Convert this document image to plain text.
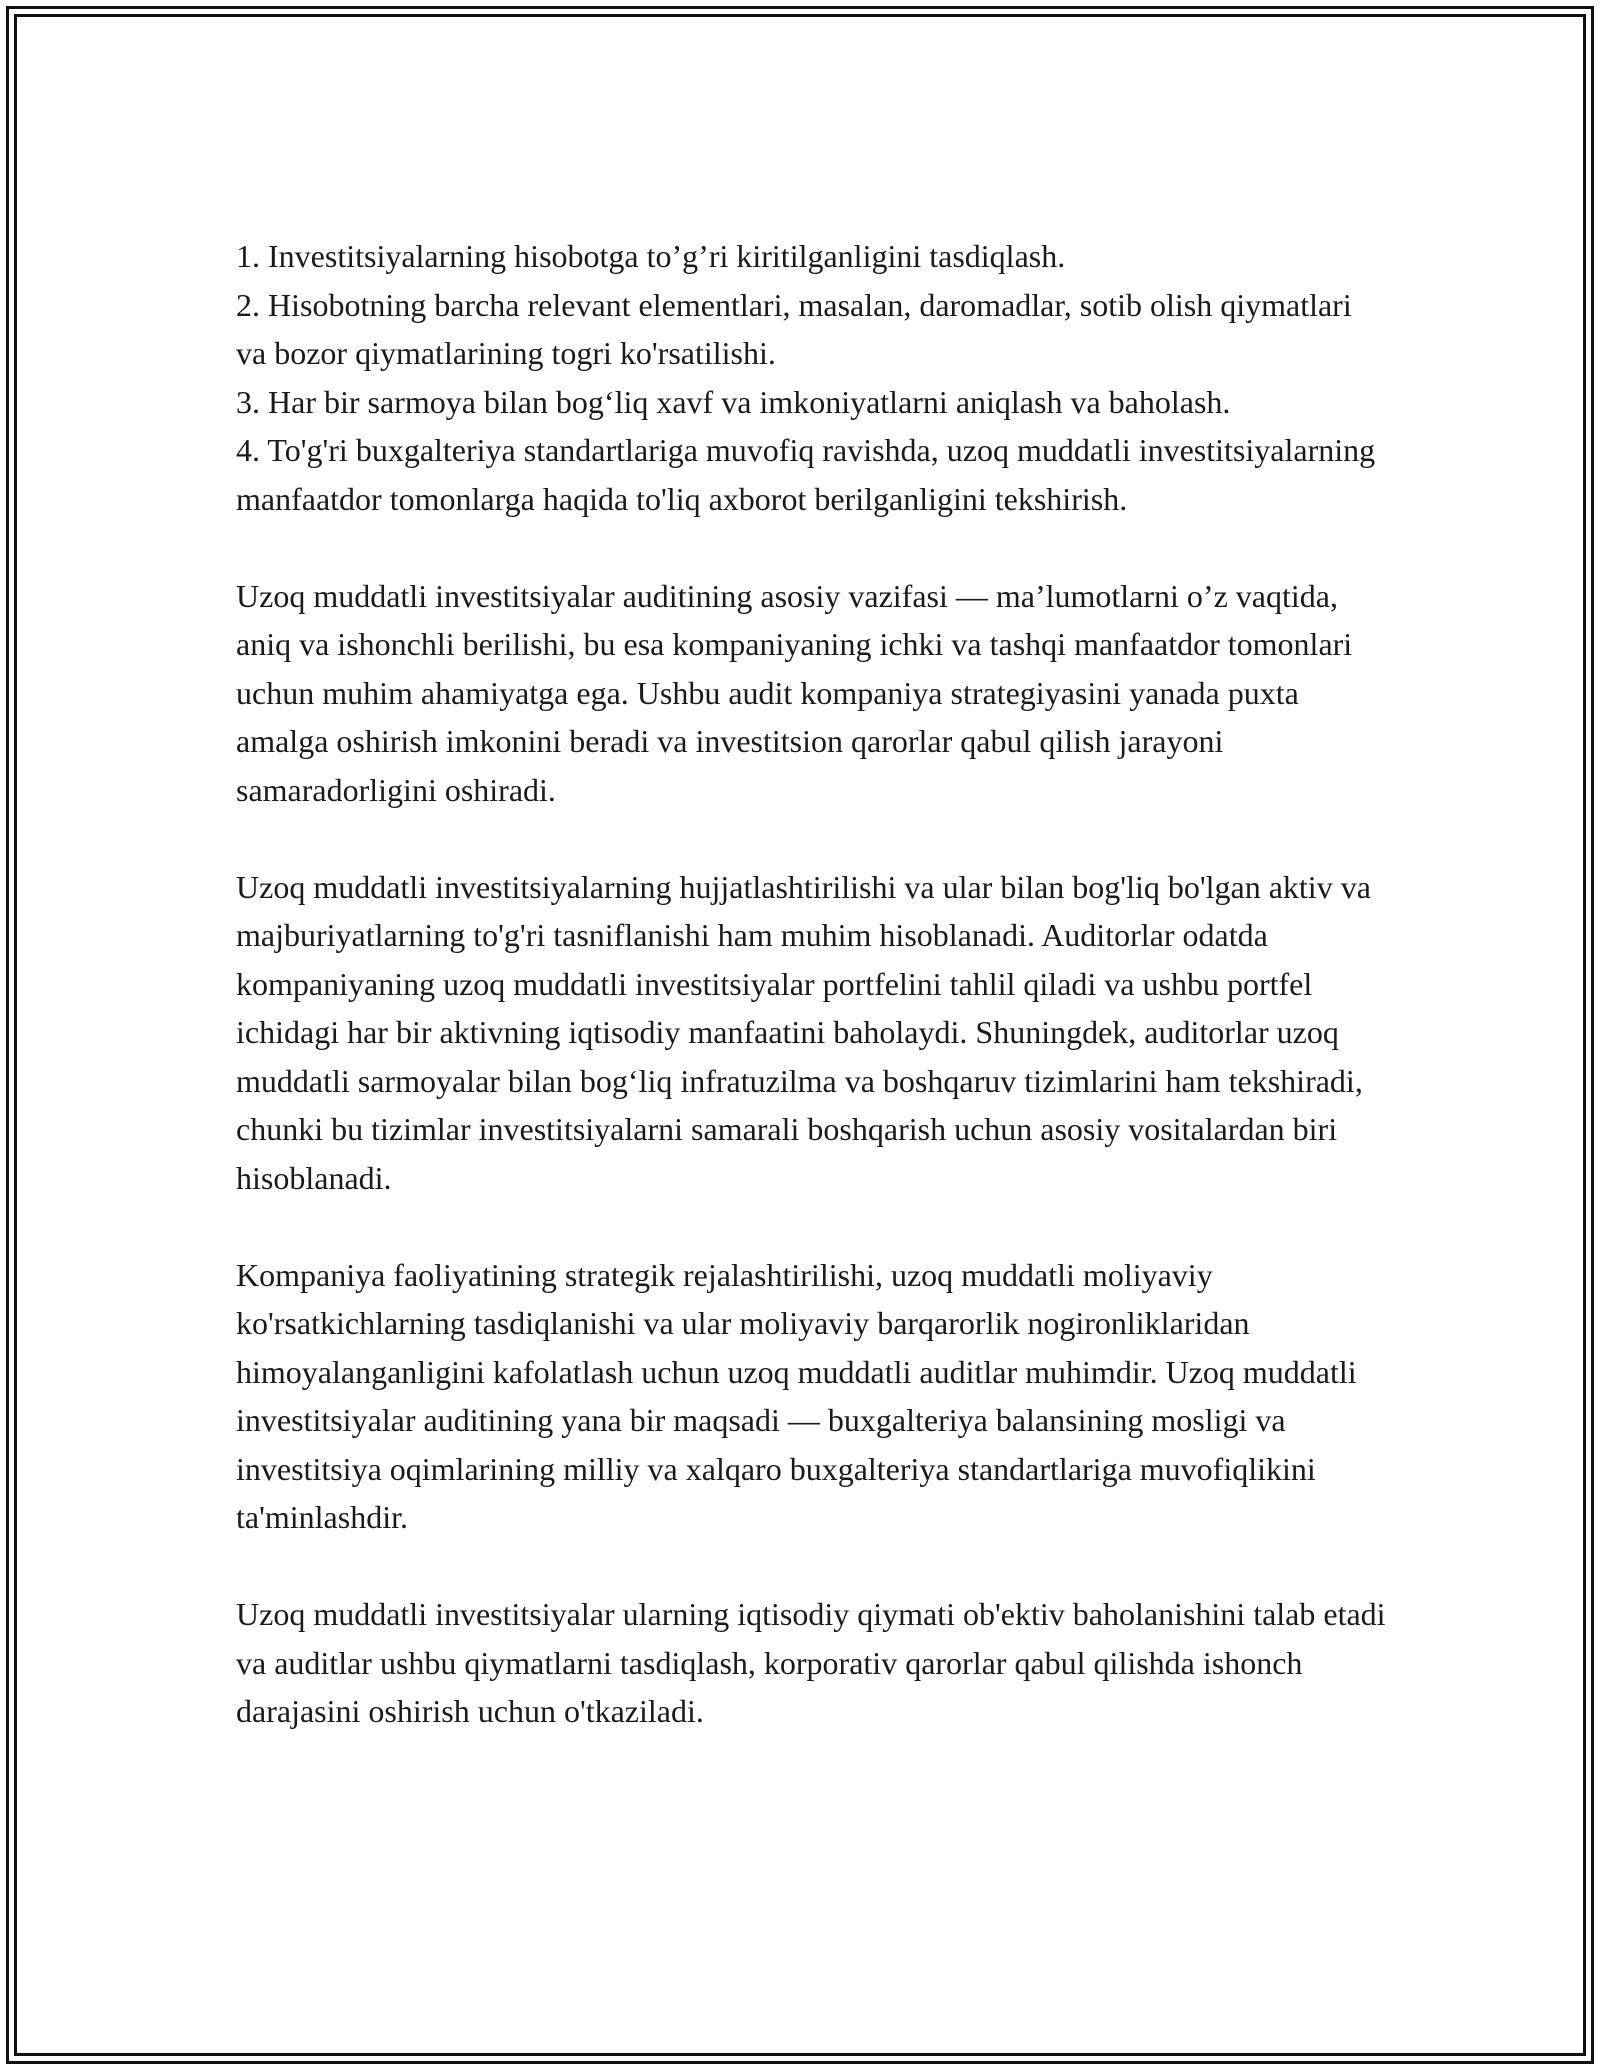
1. Investitsiyalarning hisobotga to’g’ri kiritilganligini tasdiqlash.
2. Hisobotning barcha relevant elementlari, masalan, daromadlar, sotib olish qiymatlari va bozor qiymatlarining togri ko'rsatilishi.
3. Har bir sarmoya bilan bog‘liq xavf va imkoniyatlarni aniqlash va baholash.
4. To'g'ri buxgalteriya standartlariga muvofiq ravishda, uzoq muddatli investitsiyalarning manfaatdor tomonlarga haqida to'liq axborot berilganligini tekshirish.

Uzoq muddatli investitsiyalar auditining asosiy vazifasi — ma’lumotlarni o’z vaqtida, aniq va ishonchli berilishi, bu esa kompaniyaning ichki va tashqi manfaatdor tomonlari uchun muhim ahamiyatga ega. Ushbu audit kompaniya strategiyasini yanada puxta amalga oshirish imkonini beradi va investitsion qarorlar qabul qilish jarayoni samaradorligini oshiradi.

Uzoq muddatli investitsiyalarning hujjatlashtirilishi va ular bilan bog'liq bo'lgan aktiv va majburiyatlarning to'g'ri tasniflanishi ham muhim hisoblanadi. Auditorlar odatda kompaniyaning uzoq muddatli investitsiyalar portfelini tahlil qiladi va ushbu portfel ichidagi har bir aktivning iqtisodiy manfaatini baholaydi. Shuningdek, auditorlar uzoq muddatli sarmoyalar bilan bog‘liq infratuzilma va boshqaruv tizimlarini ham tekshiradi, chunki bu tizimlar investitsiyalarni samarali boshqarish uchun asosiy vositalardan biri hisoblanadi.

Kompaniya faoliyatining strategik rejalashtirilishi, uzoq muddatli moliyaviy ko'rsatkichlarning tasdiqlanishi va ular moliyaviy barqarorlik nogironliklaridan himoyalanganligini kafolatlash uchun uzoq muddatli auditlar muhimdir. Uzoq muddatli investitsiyalar auditining yana bir maqsadi — buxgalteriya balansining mosligi va investitsiya oqimlarining milliy va xalqaro buxgalteriya standartlariga muvofiqlikini ta'minlashdir.

Uzoq muddatli investitsiyalar ularning iqtisodiy qiymati ob'ektiv baholanishini talab etadi va auditlar ushbu qiymatlarni tasdiqlash, korporativ qarorlar qabul qilishda ishonch darajasini oshirish uchun o'tkaziladi.
